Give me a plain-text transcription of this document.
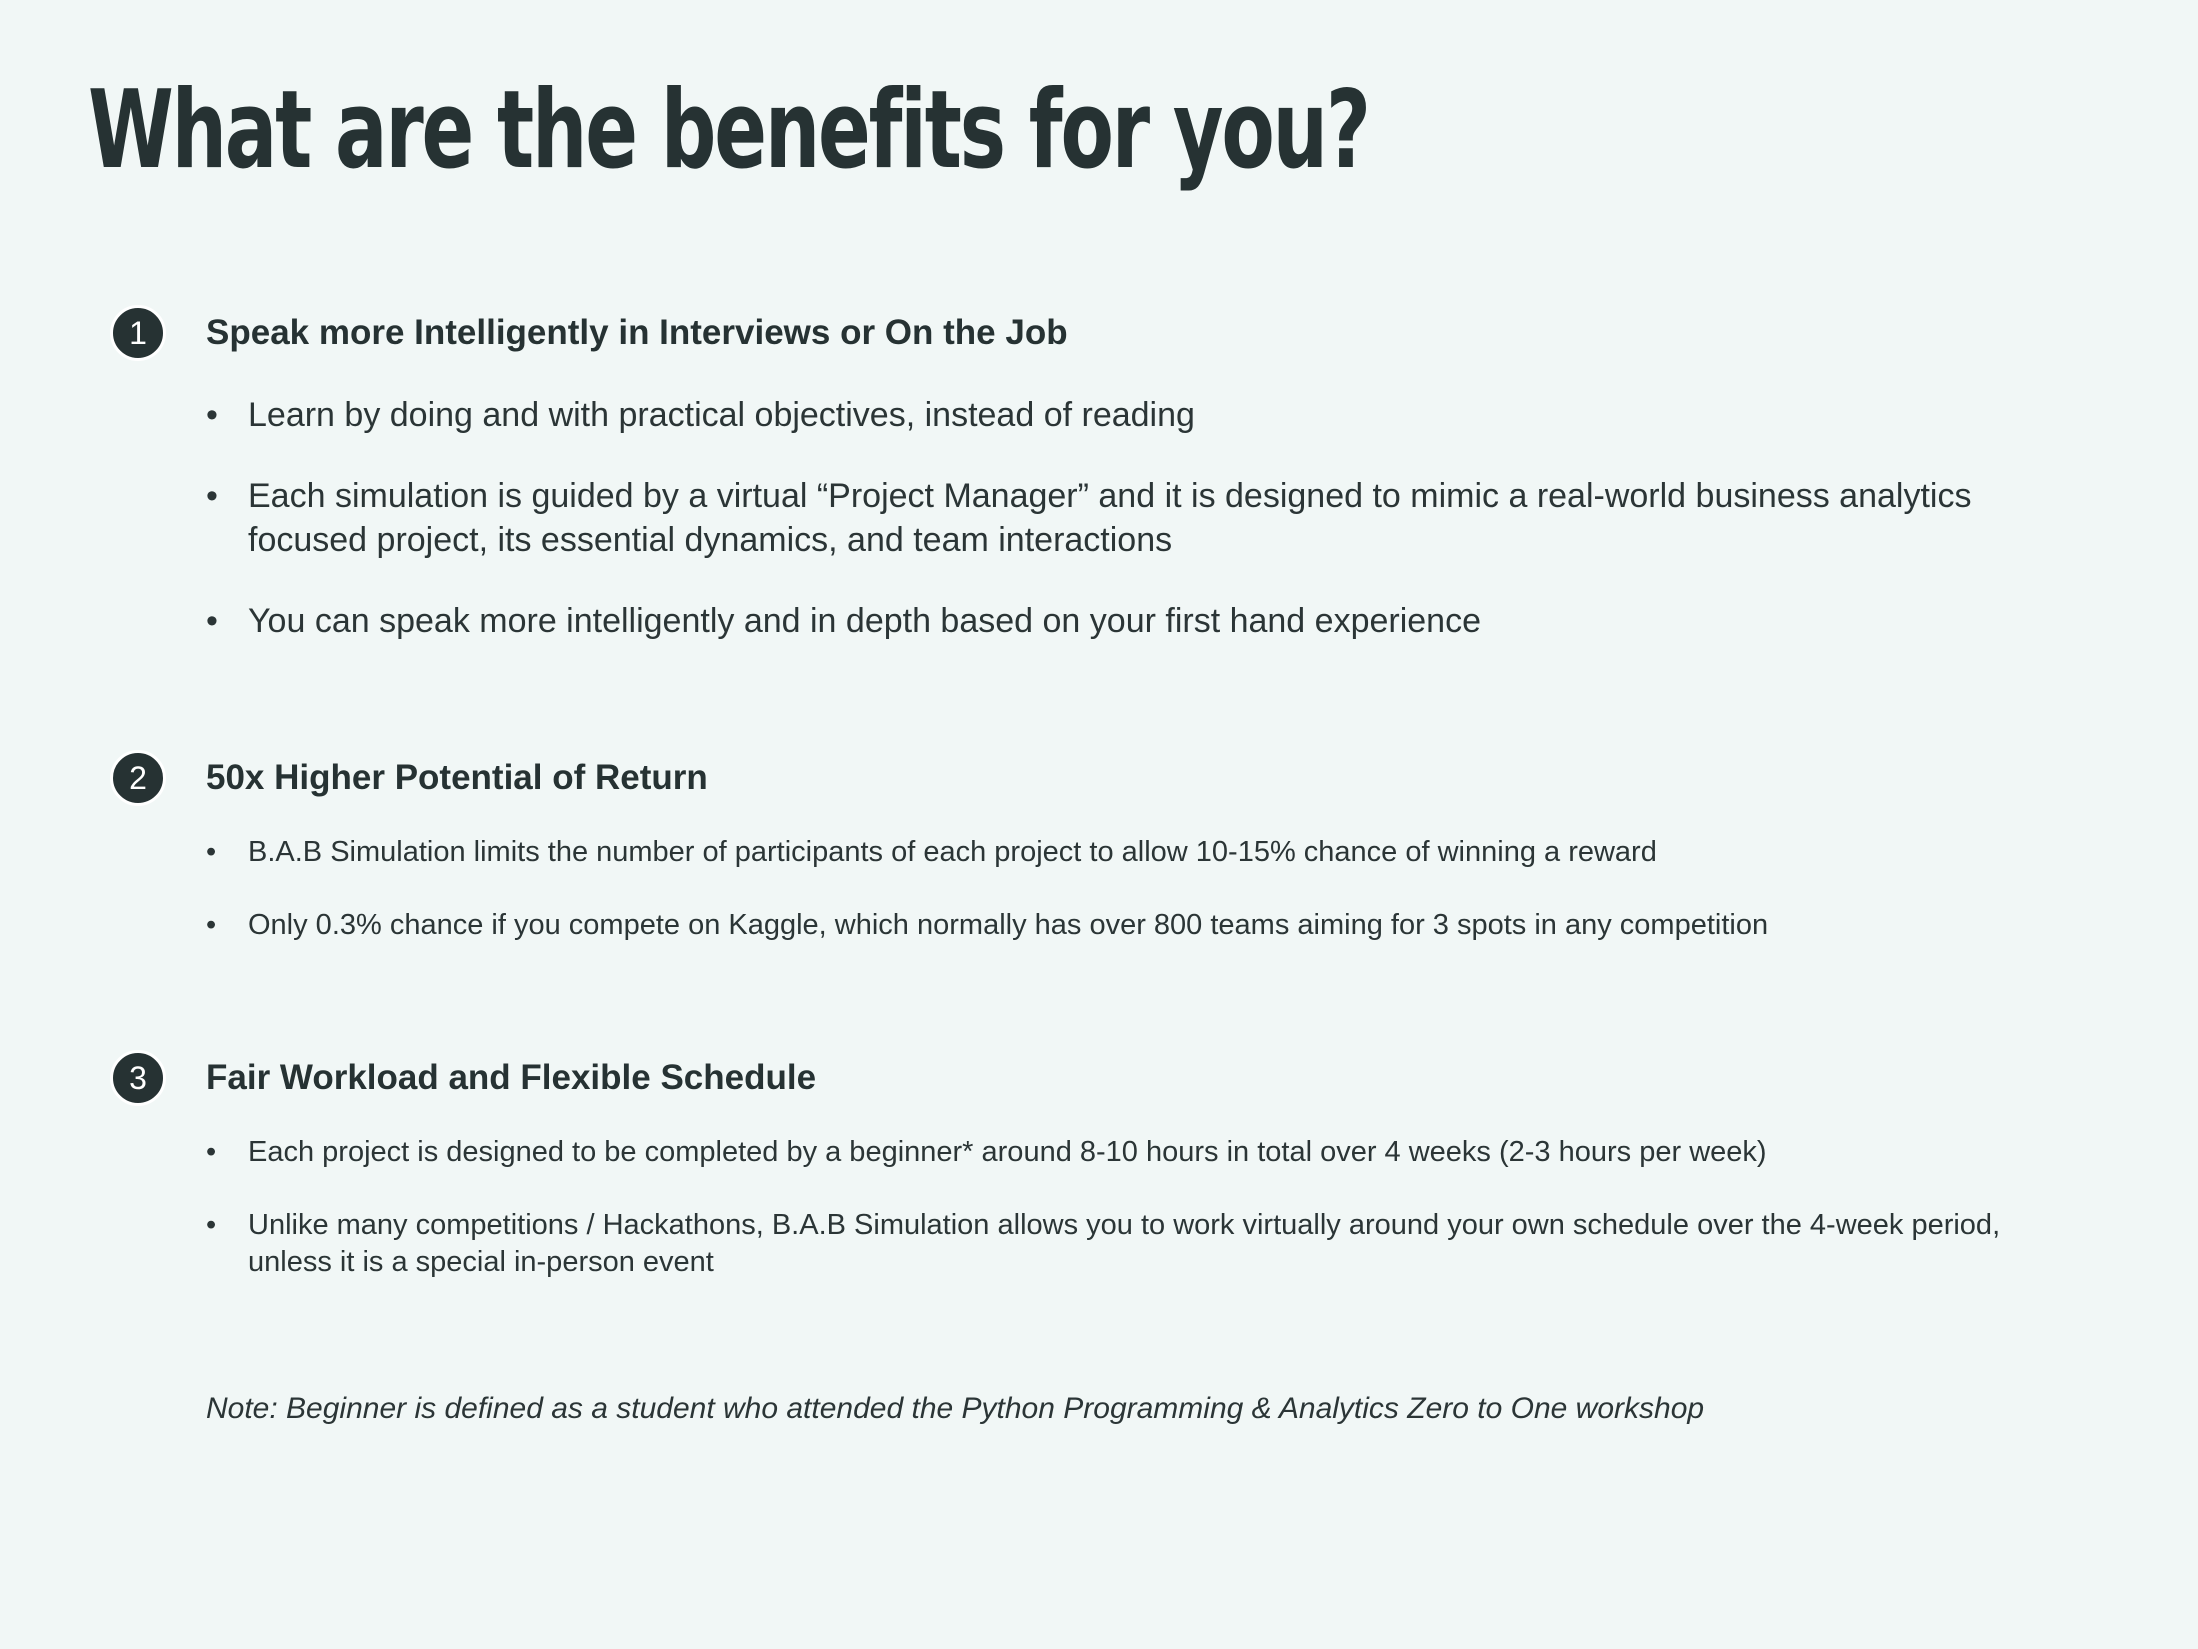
What are the benefits for you?
1	Speak more Intelligently in Interviews or On the Job
• Learn by doing and with practical objectives, instead of reading
• Each simulation is guided by a virtual “Project Manager” and it is designed to mimic a real-world business analytics focused project, its essential dynamics, and team interactions
• You can speak more intelligently and in depth based on your first hand experience
2	50x Higher Potential of Return
• B.A.B Simulation limits the number of participants of each project to allow 10-15% chance of winning a reward
• Only 0.3% chance if you compete on Kaggle, which normally has over 800 teams aiming for 3 spots in any competition
3	Fair Workload and Flexible Schedule
• Each project is designed to be completed by a beginner* around 8-10 hours in total over 4 weeks (2-3 hours per week)
• Unlike many competitions / Hackathons, B.A.B Simulation allows you to work virtually around your own schedule over the 4-week period, unless it is a special in-person event
Note: Beginner is defined as a student who attended the Python Programming & Analytics Zero to One workshop
